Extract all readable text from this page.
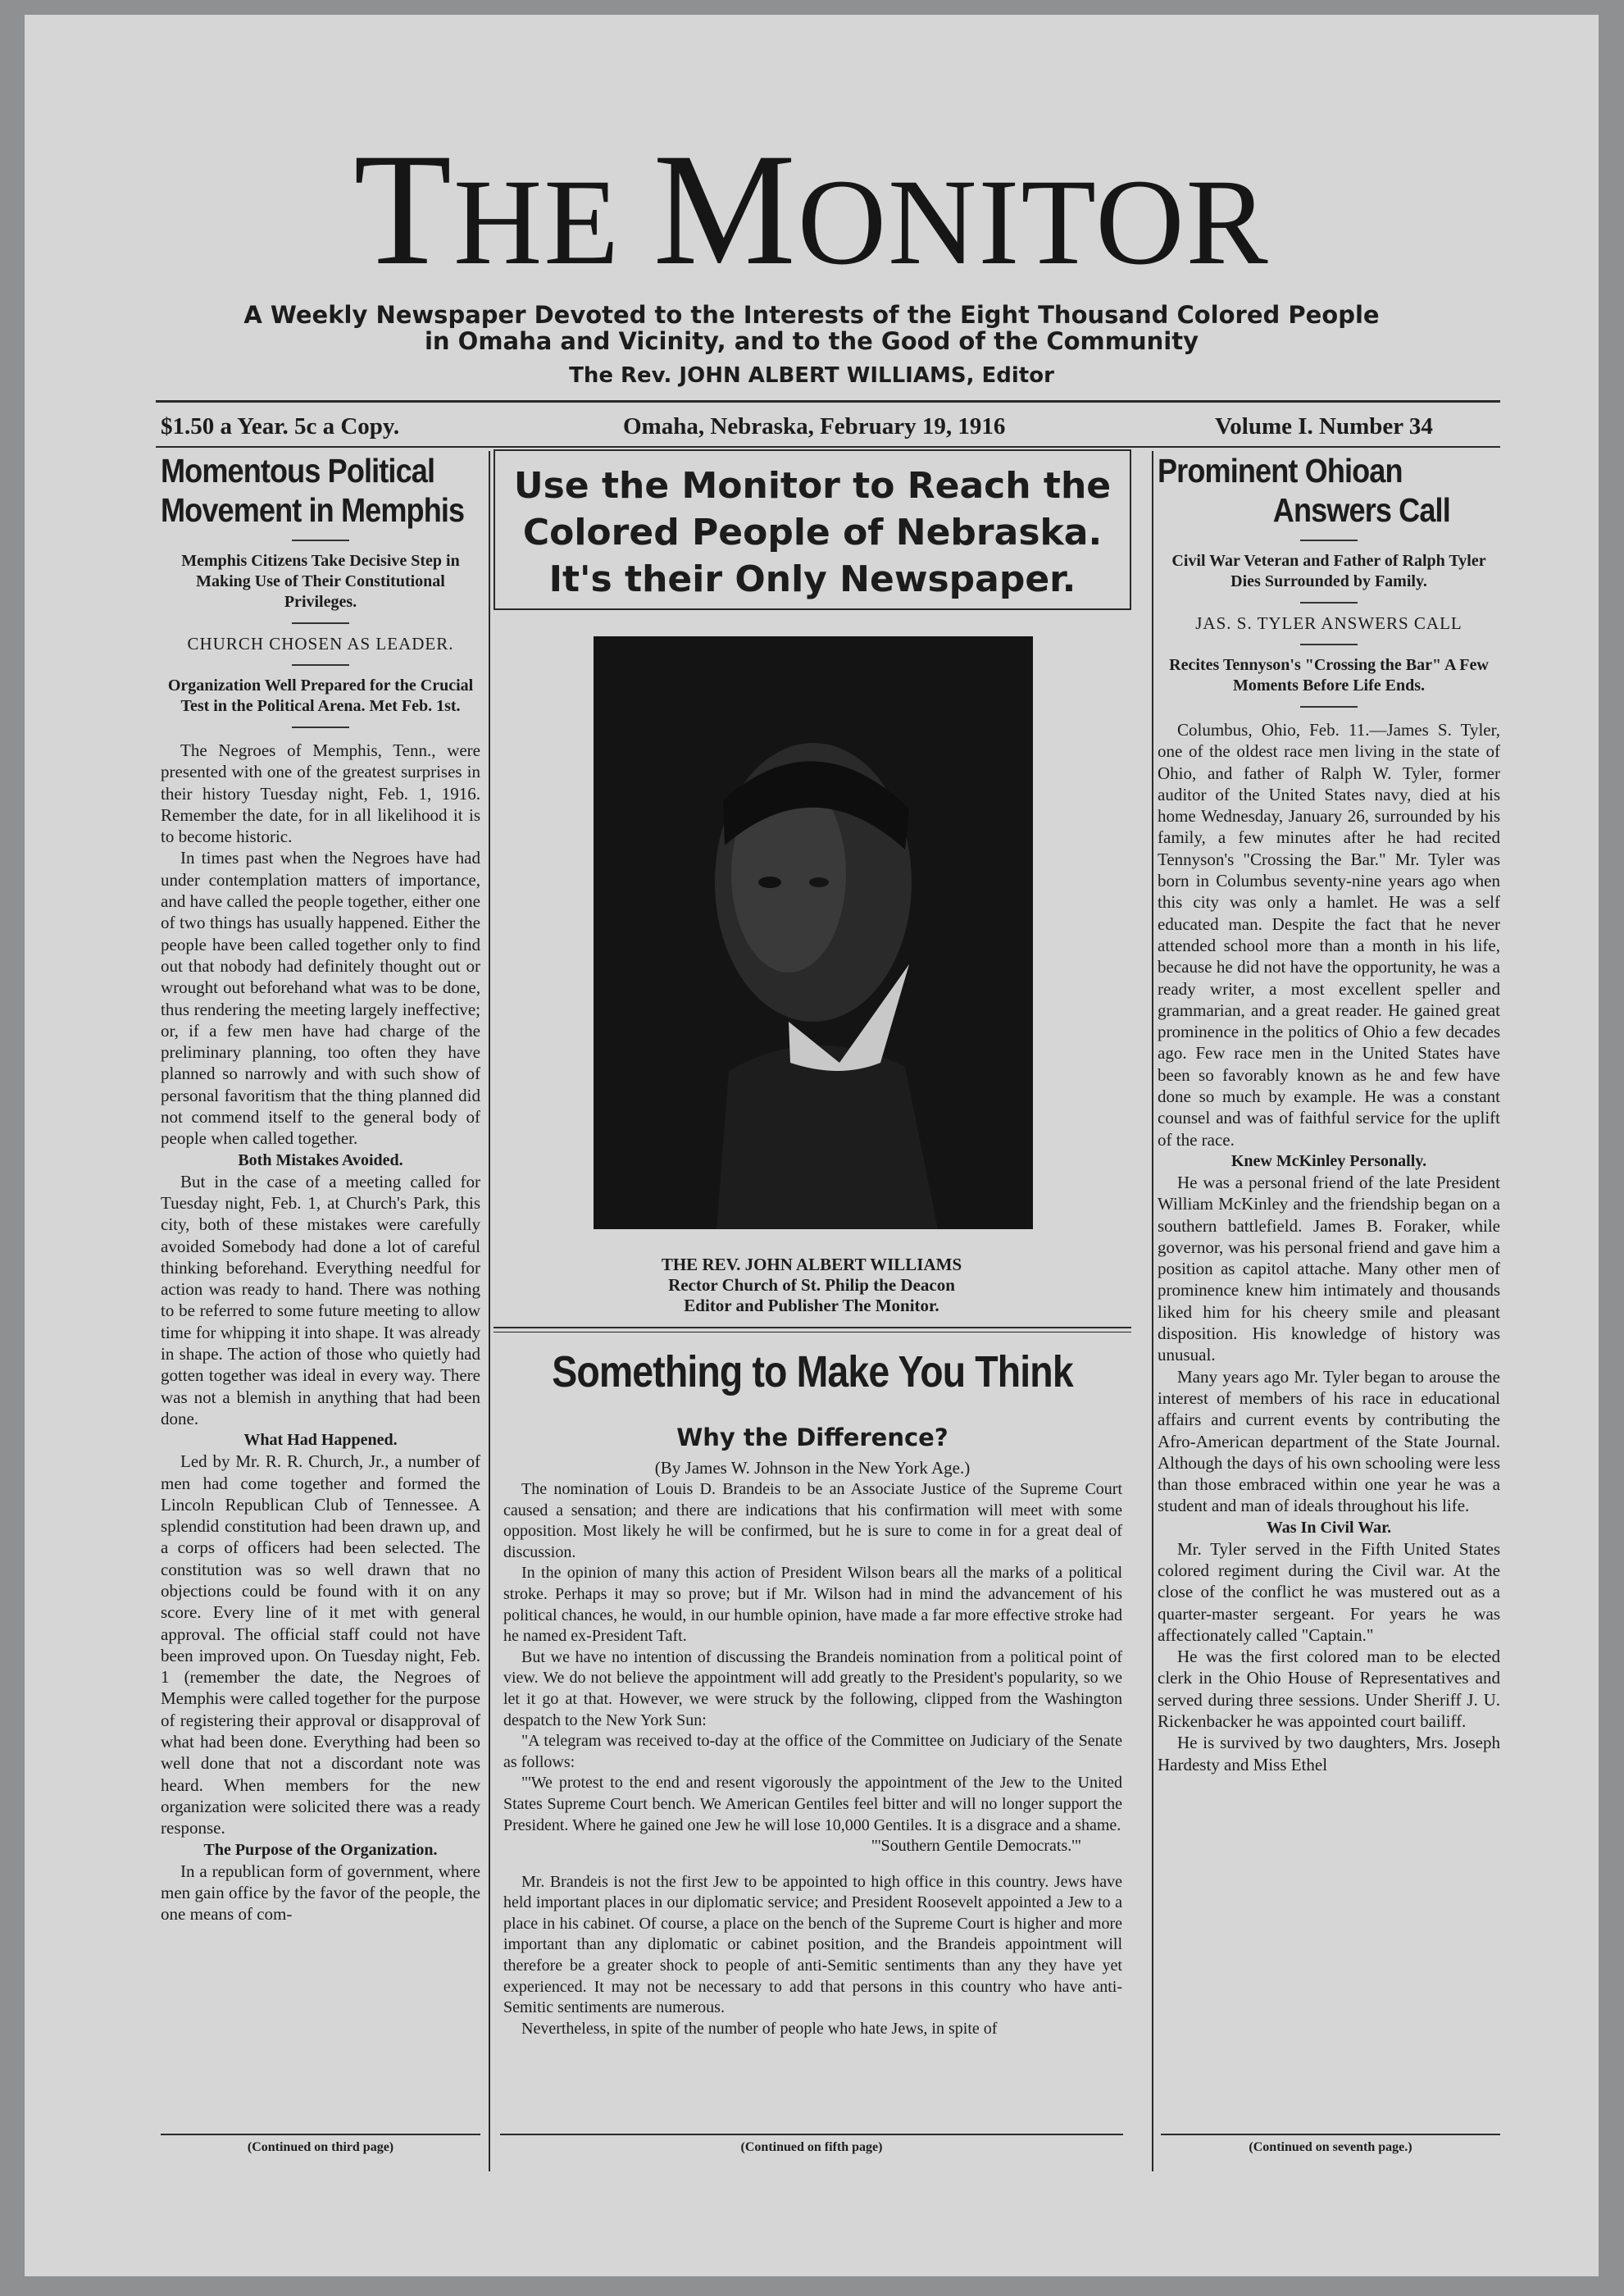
THE MONITOR
A Weekly Newspaper Devoted to the Interests of the Eight Thousand Colored People
in Omaha and Vicinity, and to the Good of the Community
The Rev. JOHN ALBERT WILLIAMS, Editor
$1.50 a Year. 5c a Copy.	Omaha, Nebraska, February 19, 1916	Volume I. Number 34
Momentous Political
Movement in Memphis

Memphis Citizens Take Decisive Step in Making Use of Their Constitutional Privileges.

CHURCH CHOSEN AS LEADER.

Organization Well Prepared for the Crucial Test in the Political Arena. Met Feb. 1st.

The Negroes of Memphis, Tenn., were presented with one of the greatest surprises in their history Tuesday night, Feb. 1, 1916. Remember the date, for in all likelihood it is to become historic.

In times past when the Negroes have had under contemplation matters of importance, and have called the people together, either one of two things has usually happened. Either the people have been called together only to find out that nobody had definitely thought out or wrought out beforehand what was to be done, thus rendering the meeting largely ineffective; or, if a few men have had charge of the preliminary planning, too often they have planned so narrowly and with such show of personal favoritism that the thing planned did not commend itself to the general body of people when called together.

Both Mistakes Avoided.

But in the case of a meeting called for Tuesday night, Feb. 1, at Church's Park, this city, both of these mistakes were carefully avoided Somebody had done a lot of careful thinking beforehand. Everything needful for action was ready to hand. There was nothing to be referred to some future meeting to allow time for whipping it into shape. It was already in shape. The action of those who quietly had gotten together was ideal in every way. There was not a blemish in anything that had been done.

What Had Happened.

Led by Mr. R. R. Church, Jr., a number of men had come together and formed the Lincoln Republican Club of Tennessee. A splendid constitution had been drawn up, and a corps of officers had been selected. The constitution was so well drawn that no objections could be found with it on any score. Every line of it met with general approval. The official staff could not have been improved upon. On Tuesday night, Feb. 1 (remember the date, the Negroes of Memphis were called together for the purpose of registering their approval or disapproval of what had been done. Everything had been so well done that not a discordant note was heard. When members for the new organization were solicited there was a ready response.

The Purpose of the Organization.

In a republican form of government, where men gain office by the favor of the people, the one means of com-

(Continued on third page)
Use the Monitor to Reach the
Colored People of Nebraska.
It's their Only Newspaper.
THE REV. JOHN ALBERT WILLIAMS
Rector Church of St. Philip the Deacon
Editor and Publisher The Monitor.
Something to Make You Think
Why the Difference?
(By James W. Johnson in the New York Age.)

The nomination of Louis D. Brandeis to be an Associate Justice of the Supreme Court caused a sensation; and there are indications that his confirmation will meet with some opposition. Most likely he will be confirmed, but he is sure to come in for a great deal of discussion.

In the opinion of many this action of President Wilson bears all the marks of a political stroke. Perhaps it may so prove; but if Mr. Wilson had in mind the advancement of his political chances, he would, in our humble opinion, have made a far more effective stroke had he named ex-President Taft.

But we have no intention of discussing the Brandeis nomination from a political point of view. We do not believe the appointment will add greatly to the President's popularity, so we let it go at that. However, we were struck by the following, clipped from the Washington despatch to the New York Sun:

"A telegram was received to-day at the office of the Committee on Judiciary of the Senate as follows:

"'We protest to the end and resent vigorously the appointment of the Jew to the United States Supreme Court bench. We American Gentiles feel bitter and will no longer support the President. Where he gained one Jew he will lose 10,000 Gentiles. It is a disgrace and a shame.

"'Southern Gentile Democrats.'"

Mr. Brandeis is not the first Jew to be appointed to high office in this country. Jews have held important places in our diplomatic service; and President Roosevelt appointed a Jew to a place in his cabinet. Of course, a place on the bench of the Supreme Court is higher and more important than any diplomatic or cabinet position, and the Brandeis appointment will therefore be a greater shock to people of anti-Semitic sentiments than any they have yet experienced. It may not be necessary to add that persons in this country who have anti-Semitic sentiments are numerous.

Nevertheless, in spite of the number of people who hate Jews, in spite of

(Continued on fifth page)
Prominent Ohioan
Answers Call

Civil War Veteran and Father of Ralph Tyler Dies Surrounded by Family.

JAS. S. TYLER ANSWERS CALL

Recites Tennyson's "Crossing the Bar" A Few Moments Before Life Ends.

Columbus, Ohio, Feb. 11.—James S. Tyler, one of the oldest race men living in the state of Ohio, and father of Ralph W. Tyler, former auditor of the United States navy, died at his home Wednesday, January 26, surrounded by his family, a few minutes after he had recited Tennyson's "Crossing the Bar." Mr. Tyler was born in Columbus seventy-nine years ago when this city was only a hamlet. He was a self educated man. Despite the fact that he never attended school more than a month in his life, because he did not have the opportunity, he was a ready writer, a most excellent speller and grammarian, and a great reader. He gained great prominence in the politics of Ohio a few decades ago. Few race men in the United States have been so favorably known as he and few have done so much by example. He was a constant counsel and was of faithful service for the uplift of the race.

Knew McKinley Personally.

He was a personal friend of the late President William McKinley and the friendship began on a southern battlefield. James B. Foraker, while governor, was his personal friend and gave him a position as capitol attache. Many other men of prominence knew him intimately and thousands liked him for his cheery smile and pleasant disposition. His knowledge of history was unusual.

Many years ago Mr. Tyler began to arouse the interest of members of his race in educational affairs and current events by contributing the Afro-American department of the State Journal. Although the days of his own schooling were less than those embraced within one year he was a student and man of ideals throughout his life.

Was In Civil War.

Mr. Tyler served in the Fifth United States colored regiment during the Civil war. At the close of the conflict he was mustered out as a quarter-master sergeant. For years he was affectionately called "Captain."

He was the first colored man to be elected clerk in the Ohio House of Representatives and served during three sessions. Under Sheriff J. U. Rickenbacker he was appointed court bailiff.

He is survived by two daughters, Mrs. Joseph Hardesty and Miss Ethel

(Continued on seventh page.)
